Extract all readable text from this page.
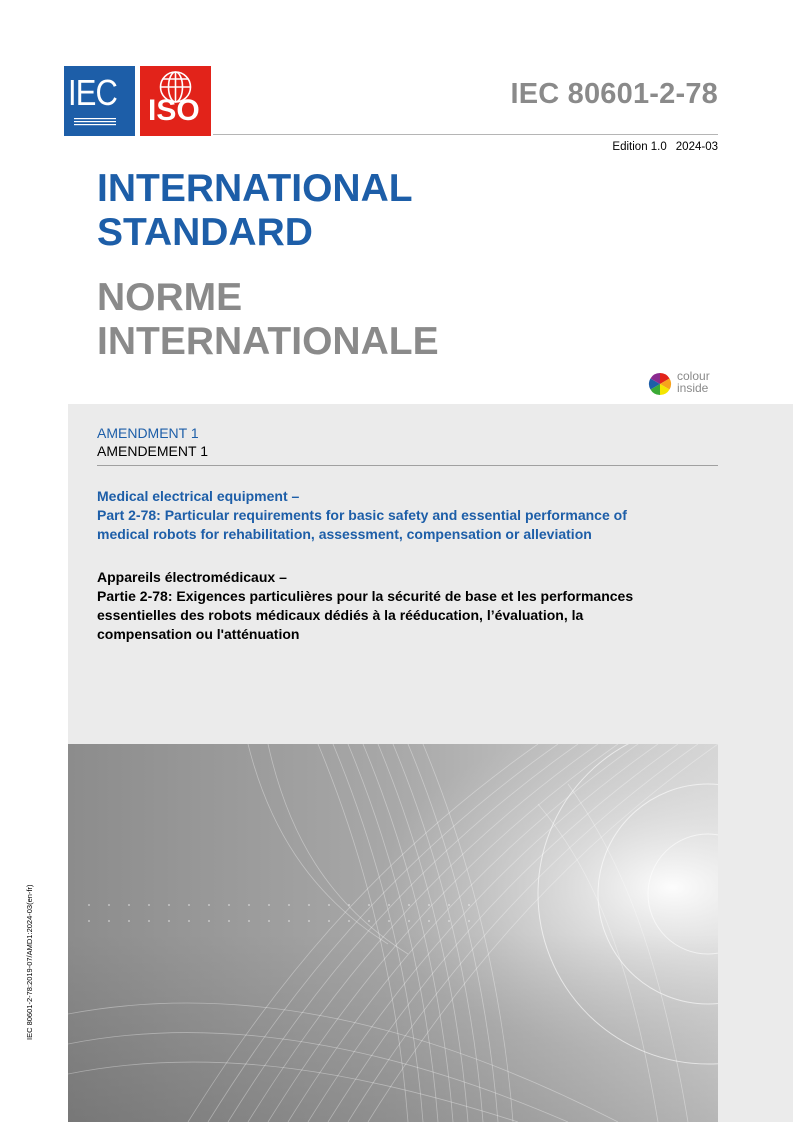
IEC ISO	IEC 80601-2-78
Edition 1.0 2024-03
INTERNATIONAL
STANDARD
NORME
INTERNATIONALE
colour
inside
AMENDMENT 1
AMENDEMENT 1
Medical electrical equipment –
Part 2-78: Particular requirements for basic safety and essential performance of
medical robots for rehabilitation, assessment, compensation or alleviation
Appareils électromédicaux –
Partie 2-78: Exigences particulières pour la sécurité de base et les performances
essentielles des robots médicaux dédiés à la rééducation, l’évaluation, la
compensation ou l'atténuation
IEC 80601-2-78:2019-07/AMD1:2024-03(en-fr)
